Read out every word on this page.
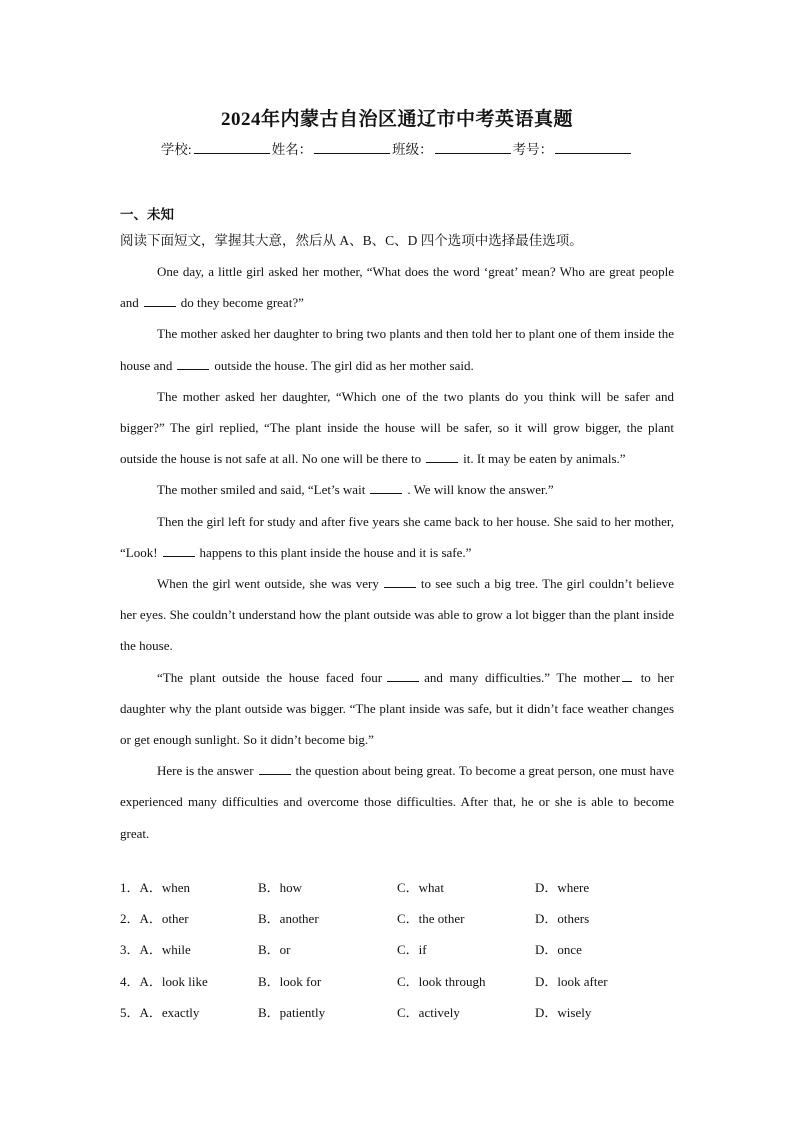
2024年内蒙古自治区通辽市中考英语真题
学校:	姓名：	班级：	考号：
一、未知
阅读下面短文，掌握其大意，然后从 A、B、C、D 四个选项中选择最佳选项。

One day, a little girl asked her mother, “What does the word ‘great’ mean? Who are great people and	do they become great?”

The mother asked her daughter to bring two plants and then told her to plant one of them inside the house and	outside the house. The girl did as her mother said.

The mother asked her daughter, “Which one of the two plants do you think will be safer and bigger?” The girl replied, “The plant inside the house will be safer, so it will grow bigger, the plant outside the house is not safe at all. No one will be there to	it. It may be eaten by animals.”

The mother smiled and said, “Let’s wait	. We will know the answer.”

Then the girl left for study and after five years she came back to her house. She said to her mother, “Look!	happens to this plant inside the house and it is safe.”

When the girl went outside, she was very	to see such a big tree. The girl couldn’t believe her eyes. She couldn’t understand how the plant outside was able to grow a lot bigger than the plant inside the house.

“The plant outside the house faced four	and many difficulties.” The mother to her daughter why the plant outside was bigger. “The plant inside was safe, but it didn’t face weather changes or get enough sunlight. So it didn’t become big.”

Here is the answer	the question about being great. To become a great person, one must have experienced many difficulties and overcome those difficulties. After that, he or she is able to become great.

1．A．when	B．how	C．what	D．where
2．A．other	B．another	C．the other	D．others
3．A．while	B．or	C．if	D．once
4．A．look like	B．look for	C．look through	D．look after
5．A．exactly	B．patiently	C．actively	D．wisely
